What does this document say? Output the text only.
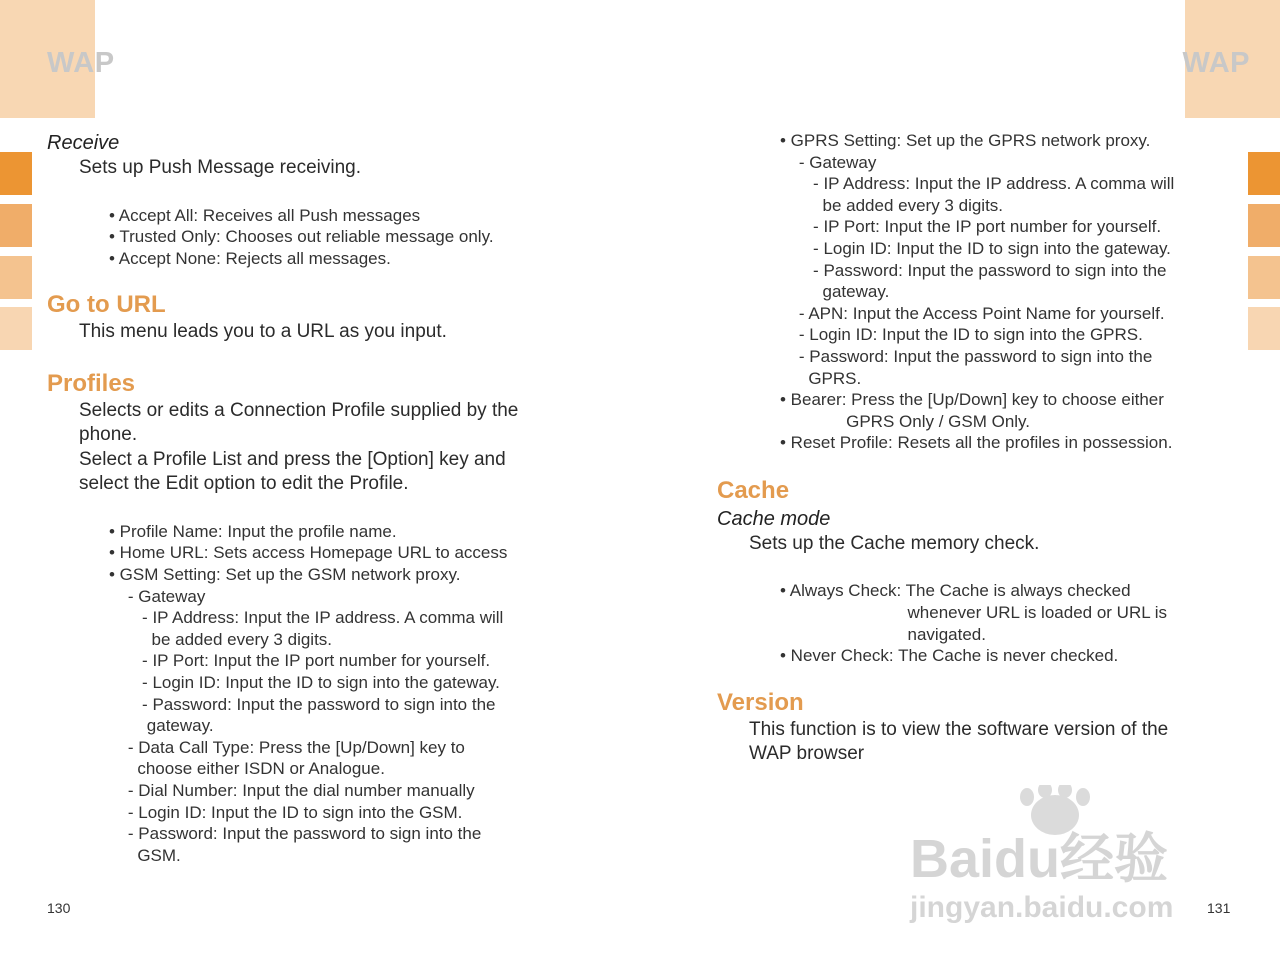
WAP	WAP
Receive
Sets up Push Message receiving.
• Accept All: Receives all Push messages
• Trusted Only: Chooses out reliable message only.
• Accept None: Rejects all messages.
Go to URL
This menu leads you to a URL as you input.
Profiles
Selects or edits a Connection Profile supplied by the phone.
Select a Profile List and press the [Option] key and select the Edit option to edit the Profile.
• Profile Name: Input the profile name.
• Home URL: Sets access Homepage URL to access
• GSM Setting: Set up the GSM network proxy.
- Gateway
- IP Address: Input the IP address. A comma will
be added every 3 digits.
- IP Port: Input the IP port number for yourself.
- Login ID: Input the ID to sign into the gateway.
- Password: Input the password to sign into the
gateway.
- Data Call Type: Press the [Up/Down] key to
choose either ISDN or Analogue.
- Dial Number: Input the dial number manually
- Login ID: Input the ID to sign into the GSM.
- Password: Input the password to sign into the
GSM.
130
• GPRS Setting: Set up the GPRS network proxy.
- Gateway
- IP Address: Input the IP address. A comma will
be added every 3 digits.
- IP Port: Input the IP port number for yourself.
- Login ID: Input the ID to sign into the gateway.
- Password: Input the password to sign into the
gateway.
- APN: Input the Access Point Name for yourself.
- Login ID: Input the ID to sign into the GPRS.
- Password: Input the password to sign into the
GPRS.
• Bearer: Press the [Up/Down] key to choose either
GPRS Only / GSM Only.
• Reset Profile: Resets all the profiles in possession.
Cache
Cache mode
Sets up the Cache memory check.
• Always Check: The Cache is always checked
whenever URL is loaded or URL is
navigated.
• Never Check: The Cache is never checked.
Version
This function is to view the software version of the WAP browser
131
Baidu经验
jingyan.baidu.com
